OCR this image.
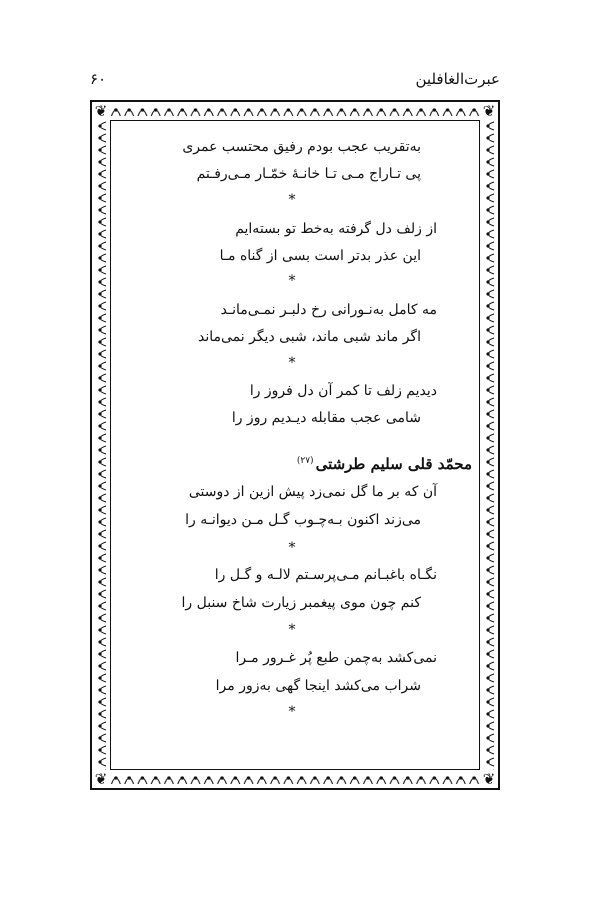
عبرت‌الغافلین
۶۰
❦	❦
❦	❦
به‌تقریب عجب بودم رفیق محتسب عمری
پی تـاراج مـی تـا خانـهٔ خمّـار مـی‌رفـتم
*
از زلف دل گرفته به‌خط تو بسته‌ایم
این عذر بدتر است بسی از گناه مـا
*
مه کامل به‌نـورانی رخ دلبـر نمـی‌مانـد
اگر ماند شبی ماند، شبی دیگر نمی‌ماند
*
دیدیم زلف تا کمر آن دل فروز را
شامی عجب مقابله دیـدیم روز را
محمّد قلی سلیم طرشتی$^{(۲۷)}$
آن که بر ما گل نمی‌زد پیش ازین از دوستی
می‌زند اکنون بـه‌چـوب گـل مـن دیوانـه را
*
نگـاه باغبـانم مـی‌پرسـتم لالـه و گـل را
کنم چون موی پیغمبر زیارت شاخ سنبل را
*
نمی‌کشد به‌چمن طبع پُر غـرور مـرا
شراب می‌کشد اینجا گهی به‌زور مرا
*
